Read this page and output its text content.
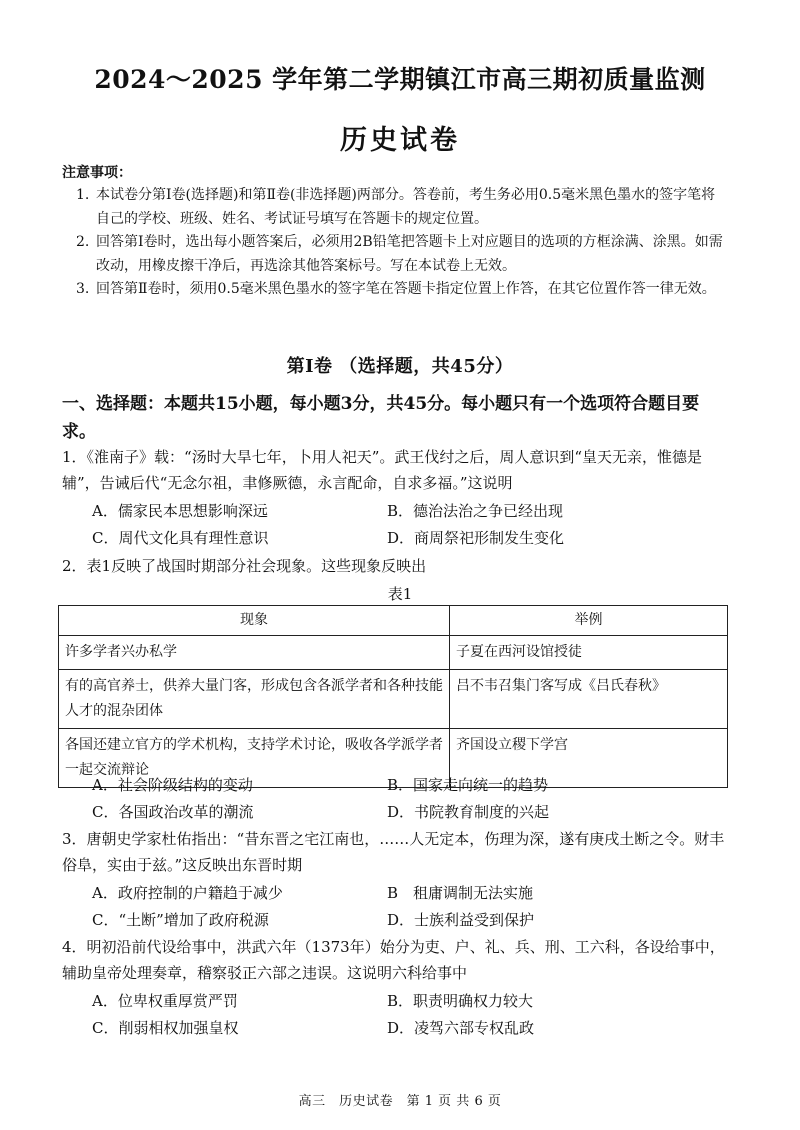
2024～2025 学年第二学期镇江市高三期初质量监测
历史试卷
注意事项：
1. 本试卷分第Ⅰ卷(选择题)和第Ⅱ卷(非选择题)两部分。答卷前，考生务必用0.5毫米黑色墨水的签字笔将自己的学校、班级、姓名、考试证号填写在答题卡的规定位置。
2. 回答第Ⅰ卷时，选出每小题答案后，必须用2B铅笔把答题卡上对应题目的选项的方框涂满、涂黑。如需改动，用橡皮擦干净后，再选涂其他答案标号。写在本试卷上无效。
3. 回答第Ⅱ卷时，须用0.5毫米黑色墨水的签字笔在答题卡指定位置上作答，在其它位置作答一律无效。
第Ⅰ卷 （选择题，共45分）
一、选择题：本题共15小题，每小题3分，共45分。每小题只有一个选项符合题目要求。
1．《淮南子》载：“汤时大旱七年，卜用人祀天”。武王伐纣之后，周人意识到“皇天无亲，惟德是辅”，告诫后代“无念尔祖，聿修厥德，永言配命，自求多福。”这说明
A．儒家民本思想影响深远	B．德治法治之争已经出现
C．周代文化具有理性意识	D．商周祭祀形制发生变化
2．表1反映了战国时期部分社会现象。这些现象反映出
表1
现象	举例
许多学者兴办私学	子夏在西河设馆授徒
有的高官养士，供养大量门客，形成包含各派学者和各种技能人才的混杂团体	吕不韦召集门客写成《吕氏春秋》
各国还建立官方的学术机构，支持学术讨论，吸收各学派学者一起交流辩论	齐国设立稷下学宫
A．社会阶级结构的变动	B．国家走向统一的趋势
C．各国政治改革的潮流	D．书院教育制度的兴起
3．唐朝史学家杜佑指出：“昔东晋之宅江南也，……人无定本，伤理为深，遂有庚戌土断之令。财丰俗阜，实由于兹。”这反映出东晋时期
A．政府控制的户籍趋于减少	B　租庸调制无法实施
C．“土断”增加了政府税源	D．士族利益受到保护
4．明初沿前代设给事中，洪武六年（1373年）始分为吏、户、礼、兵、刑、工六科，各设给事中，辅助皇帝处理奏章，稽察驳正六部之违误。这说明六科给事中
A．位卑权重厚赏严罚	B．职责明确权力较大
C．削弱相权加强皇权	D．凌驾六部专权乱政
高三　历史试卷　第 1 页 共 6 页
